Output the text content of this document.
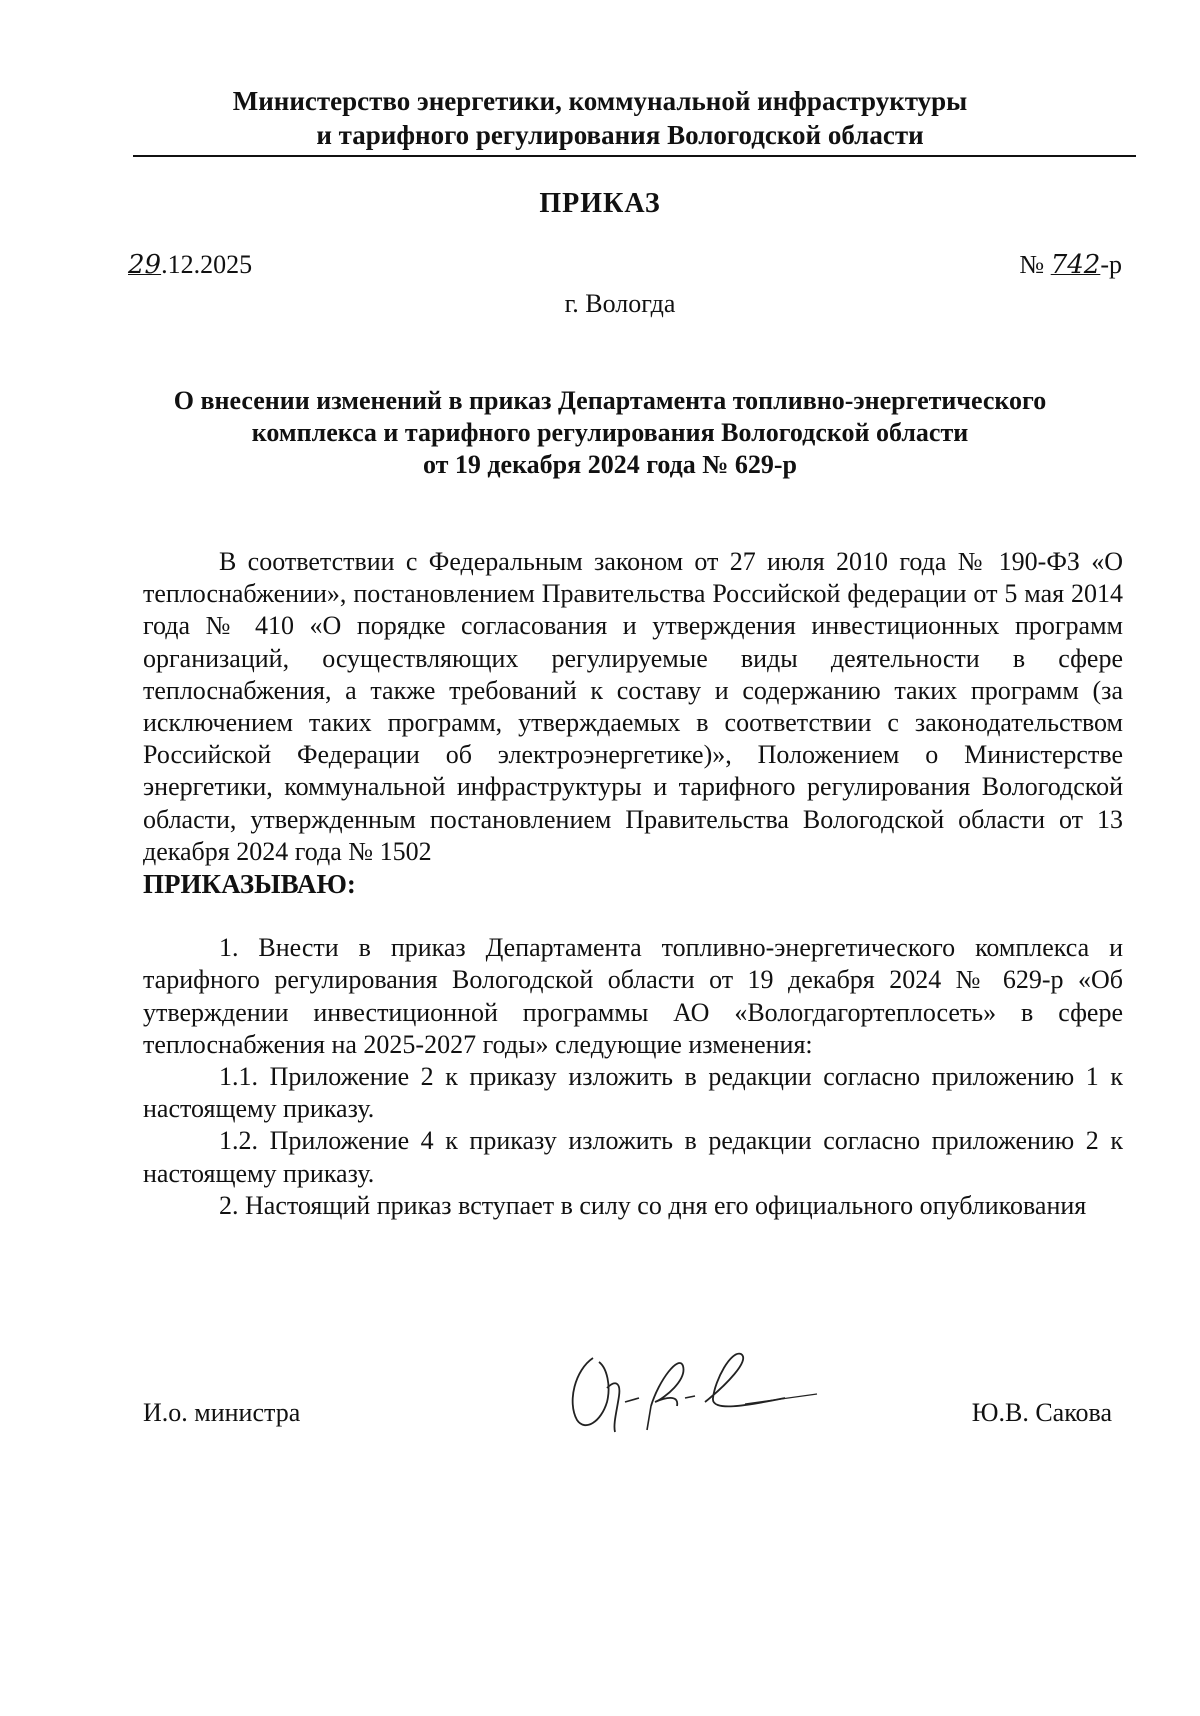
Министерство энергетики, коммунальной инфраструктуры
и тарифного регулирования Вологодской области
ПРИКАЗ
29.12.2025	№ 742-р
г. Вологда
О внесении изменений в приказ Департамента топливно-энергетического
комплекса и тарифного регулирования Вологодской области
от 19 декабря 2024 года № 629-р

В соответствии с Федеральным законом от 27 июля 2010 года № 190-ФЗ «О теплоснабжении», постановлением Правительства Российской федерации от 5 мая 2014 года № 410 «О порядке согласования и утверждения инвестиционных программ организаций, осуществляющих регулируемые виды деятельности в сфере теплоснабжения, а также требований к составу и содержанию таких программ (за исключением таких программ, утверждаемых в соответствии с законодательством Российской Федерации об электроэнергетике)», Положением о Министерстве энергетики, коммунальной инфраструктуры и тарифного регулирования Вологодской области, утвержденным постановлением Правительства Вологодской области от 13 декабря 2024 года № 1502

ПРИКАЗЫВАЮ:

1. Внести в приказ Департамента топливно-энергетического комплекса и тарифного регулирования Вологодской области от 19 декабря 2024 № 629-р «Об утверждении инвестиционной программы АО «Вологдагортеплосеть» в сфере теплоснабжения на 2025-2027 годы» следующие изменения:

1.1. Приложение 2 к приказу изложить в редакции согласно приложению 1 к настоящему приказу.

1.2. Приложение 4 к приказу изложить в редакции согласно приложению 2 к настоящему приказу.

2. Настоящий приказ вступает в силу со дня его официального опубликования

И.о. министра	Ю.В. Сакова
